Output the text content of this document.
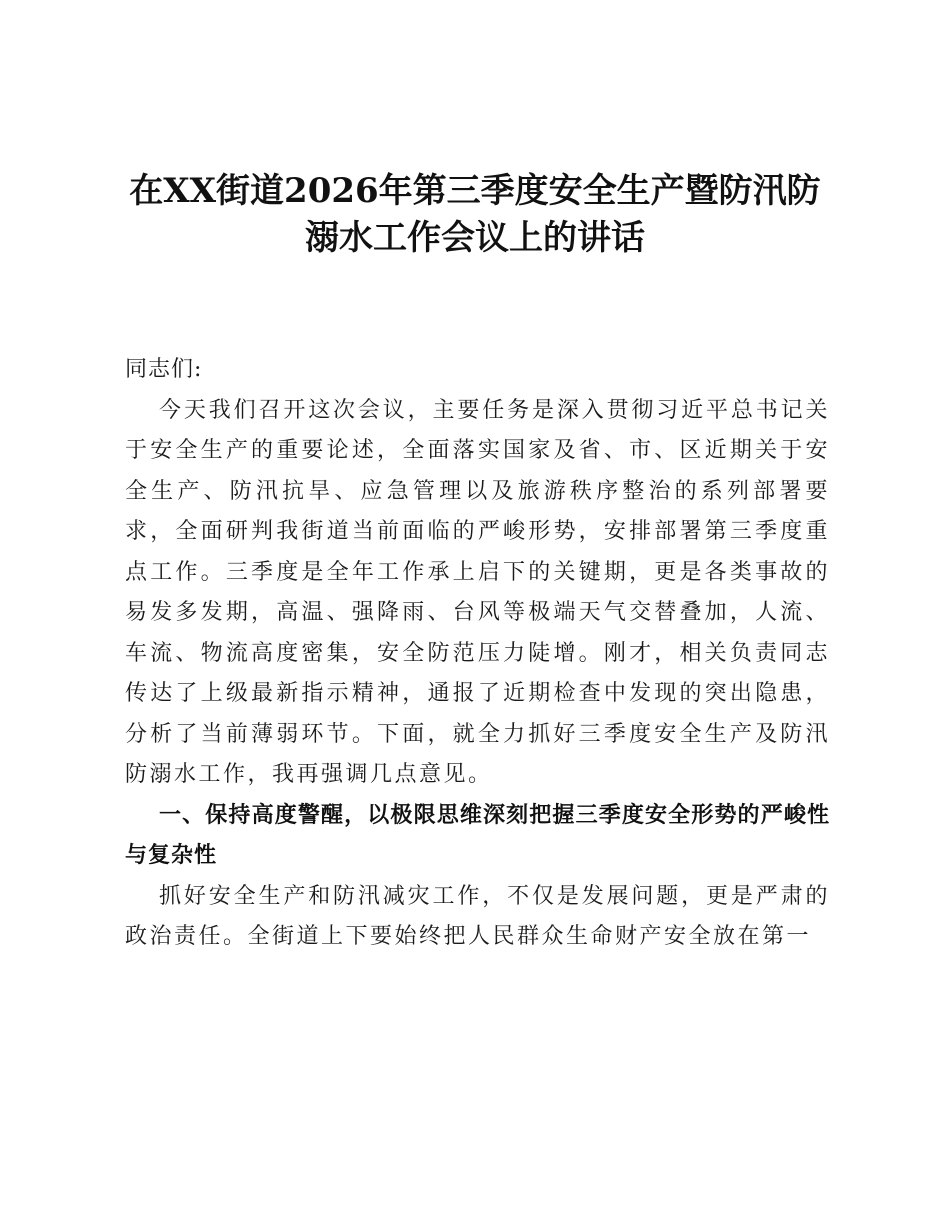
在XX街道2026年第三季度安全生产暨防汛防
溺水工作会议上的讲话

同志们:

今天我们召开这次会议，主要任务是深入贯彻习近平总书记关于安全生产的重要论述，全面落实国家及省、市、区近期关于安全生产、防汛抗旱、应急管理以及旅游秩序整治的系列部署要求，全面研判我街道当前面临的严峻形势，安排部署第三季度重点工作。三季度是全年工作承上启下的关键期，更是各类事故的易发多发期，高温、强降雨、台风等极端天气交替叠加，人流、车流、物流高度密集，安全防范压力陡增。刚才，相关负责同志传达了上级最新指示精神，通报了近期检查中发现的突出隐患，分析了当前薄弱环节。下面，就全力抓好三季度安全生产及防汛防溺水工作，我再强调几点意见。

一、保持高度警醒，以极限思维深刻把握三季度安全形势的严峻性与复杂性

抓好安全生产和防汛减灾工作，不仅是发展问题，更是严肃的政治责任。全街道上下要始终把人民群众生命财产安全放在第一
